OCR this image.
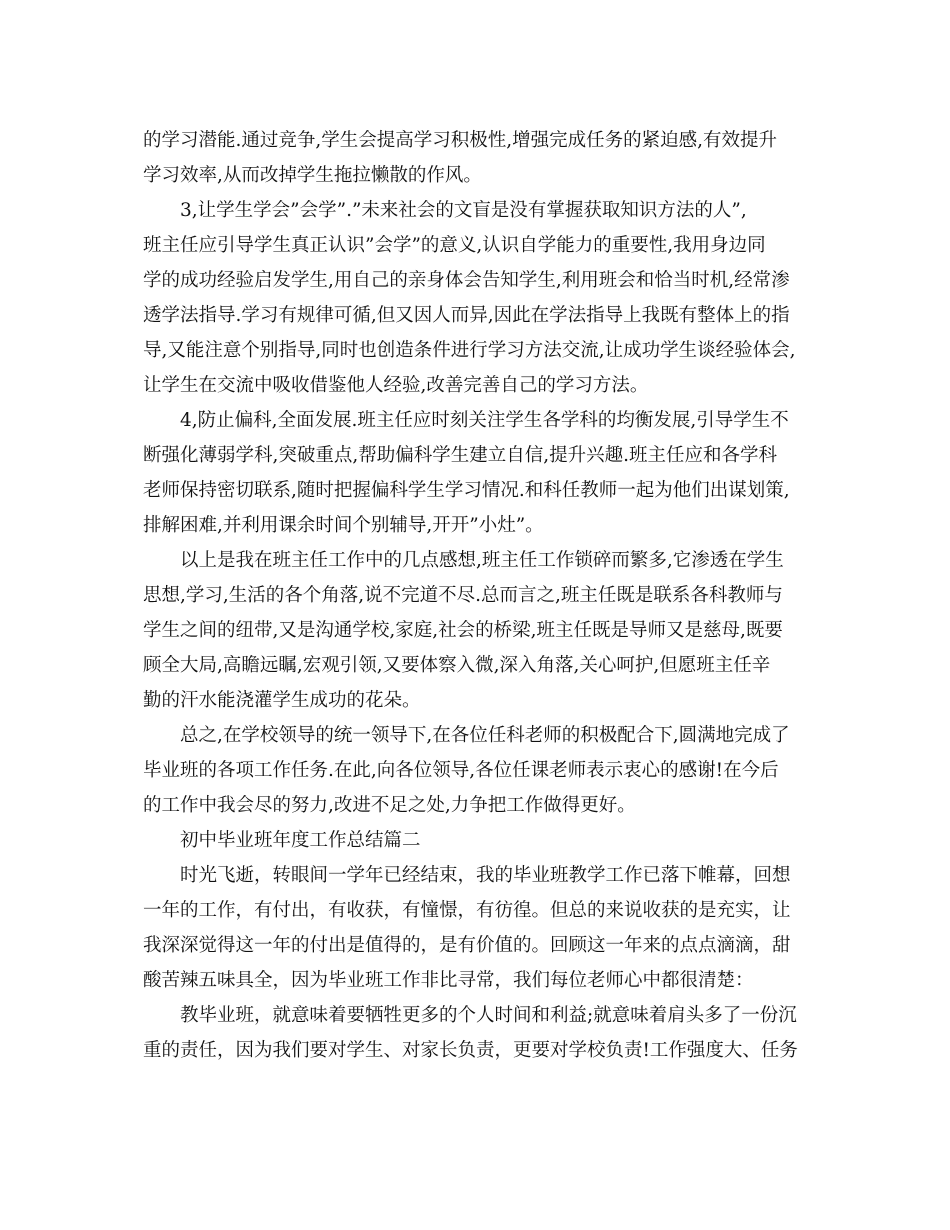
的学习潜能.通过竞争,学生会提高学习积极性,增强完成任务的紧迫感,有效提升
学习效率,从而改掉学生拖拉懒散的作风。
3,让学生学会”会学”.”未来社会的文盲是没有掌握获取知识方法的人”,
班主任应引导学生真正认识”会学”的意义,认识自学能力的重要性,我用身边同
学的成功经验启发学生,用自己的亲身体会告知学生,利用班会和恰当时机,经常渗
透学法指导.学习有规律可循,但又因人而异,因此在学法指导上我既有整体上的指
导,又能注意个别指导,同时也创造条件进行学习方法交流,让成功学生谈经验体会,
让学生在交流中吸收借鉴他人经验,改善完善自己的学习方法。
4,防止偏科,全面发展.班主任应时刻关注学生各学科的均衡发展,引导学生不
断强化薄弱学科,突破重点,帮助偏科学生建立自信,提升兴趣.班主任应和各学科
老师保持密切联系,随时把握偏科学生学习情况.和科任教师一起为他们出谋划策,
排解困难,并利用课余时间个别辅导,开开”小灶”。
以上是我在班主任工作中的几点感想,班主任工作锁碎而繁多,它渗透在学生
思想,学习,生活的各个角落,说不完道不尽.总而言之,班主任既是联系各科教师与
学生之间的纽带,又是沟通学校,家庭,社会的桥梁,班主任既是导师又是慈母,既要
顾全大局,高瞻远瞩,宏观引领,又要体察入微,深入角落,关心呵护,但愿班主任辛
勤的汗水能浇灌学生成功的花朵。
总之,在学校领导的统一领导下,在各位任科老师的积极配合下,圆满地完成了
毕业班的各项工作任务.在此,向各位领导,各位任课老师表示衷心的感谢!在今后
的工作中我会尽的努力,改进不足之处,力争把工作做得更好。
初中毕业班年度工作总结篇二
时光飞逝，转眼间一学年已经结束，我的毕业班教学工作已落下帷幕，回想
一年的工作，有付出，有收获，有憧憬，有彷徨。但总的来说收获的是充实，让
我深深觉得这一年的付出是值得的，是有价值的。回顾这一年来的点点滴滴，甜
酸苦辣五味具全，因为毕业班工作非比寻常，我们每位老师心中都很清楚：
教毕业班，就意味着要牺牲更多的个人时间和利益;就意味着肩头多了一份沉
重的责任，因为我们要对学生、对家长负责，更要对学校负责!工作强度大、任务
